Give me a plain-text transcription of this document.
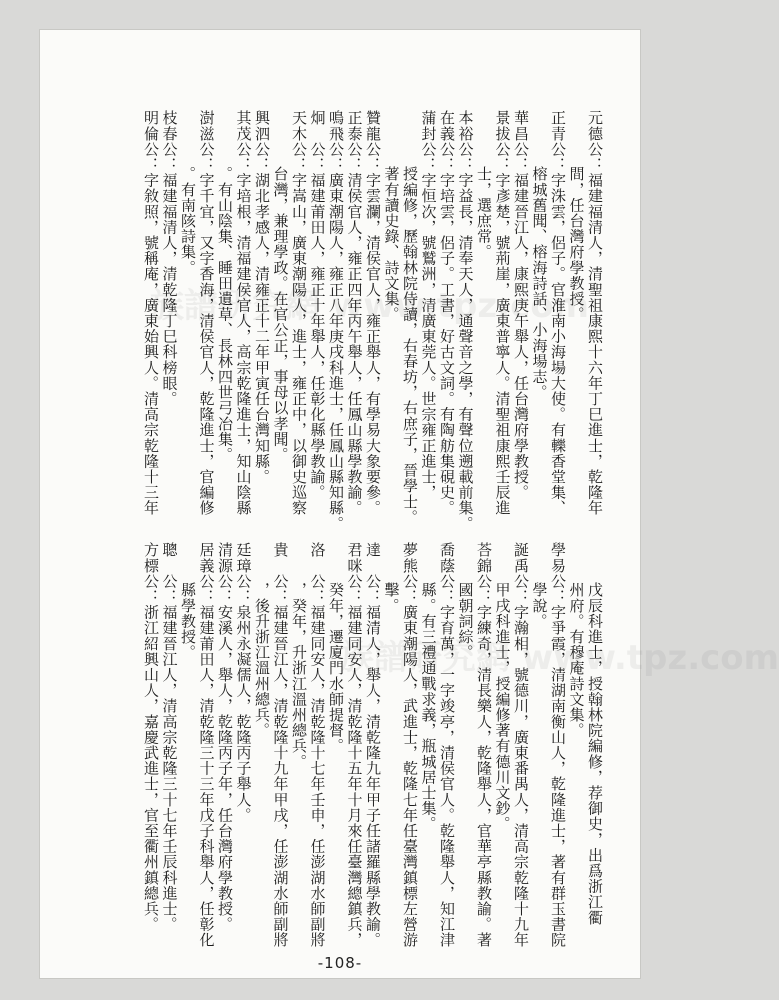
族譜研究網 www.tpz.com
族譜研究網 www.tpz.com
元德公：福建福清人，清聖祖康熙十六年丁巳進士，乾隆年
間，任台灣府學教授。
正青公：字洙雲，侶子。官淮南小海場大使。有轢香堂集、
榕城舊聞、榕海詩話、小海場志。
華昌公：福建晉江人，康熙庚午舉人，任台灣府學教授。
景拔公：字彥楚，號荊崖，廣東普寧人。清聖祖康熙壬辰進
士，選庶常。
本裕公：字益長，清奉天人，通聲音之學，有聲位遡載前集。
在義公：字培雲，侶子。工書，好古文詞。有陶舫集硯史。
蒲封公：字恒次，號鷲洲，清廣東莞人。世宗雍正進士，
授編修，歷翰林院侍讀，右春坊，右庶子，晉學士。
著有讀史錄、詩文集。
贊龍公：字雲瀾，清侯官人，雍正舉人，有學易大象要參。
正泰公：清侯官人，雍正四年丙午舉人，任鳳山縣學教諭。
鳴飛公：廣東潮陽人，雍正八年庚戌科進士，任鳳山縣知縣。
炯　公：福建莆田人，雍正十年舉人，任彰化縣學教諭。
天木公：字嵩山，廣東潮陽人，進士，雍正中，以御史巡察
台灣，兼理學政。在官公正，事母以孝聞。
興泗公：湖北孝感人，清雍正十二年甲寅任台灣知縣。
其茂公：字培根，清福建侯官人，高宗乾隆進士，知山陰縣
。有山陰集、睡田遺草、長林四世弓冶集。
澍滋公：字千宜，又字香海，清侯官人，乾隆進士，官編修
。有南陔詩集。
枝春公：福建福清人，清乾隆丁巳科榜眼。
明倫公：字敘照，號稱庵，廣東始興人。清高宗乾隆十三年
戊辰科進士，授翰林院編修，荐御史，出爲浙江衢
州府。有穆庵詩文集。
學易公：字爭霞，清湖南衡山人，乾隆進士，著有群玉書院
學說。
誕禹公：字瀚相，號德川，廣東番禺人，清高宗乾隆十九年
甲戌科進士，授編修著有德川文鈔。
荅錦公：字練奇，清長樂人，乾隆舉人，官華亭縣教諭。著
國朝詞綜。
喬蔭公：字育萬，一字竣亭，清侯官人。乾隆舉人，知江津
縣。有三禮通戰求義，瓶城居士集。
夢熊公：廣東潮陽人，武進士，乾隆七年任臺灣鎮標左營游
擊。
達　公：福清人，舉人，清乾隆九年甲子任諸羅縣學教諭。
君咪公：福建同安人，清乾隆十五年十月來任臺灣總鎮兵，
癸年，遷廈門水師提督。
洛　公：福建同安人，清乾隆十七年壬申，任澎湖水師副將
，癸年，升浙江溫州總兵。
貴　公：福建晉江人，清乾隆十九年甲戌，任澎湖水師副將
，後升浙江溫州總兵。
廷璋公：泉州永凝儒人，乾隆丙子舉人。
清源公：安溪人，舉人，乾隆丙子年，任台灣府學教授。
居義公：福建莆田人，清乾隆三十三年戊子科舉人，任彰化
縣學教授。
聰　公：福建晉江人，清高宗乾隆三十七年壬辰科進士。
方標公：浙江紹興山人，嘉慶武進士，官至衢州鎮總兵。
-108-
